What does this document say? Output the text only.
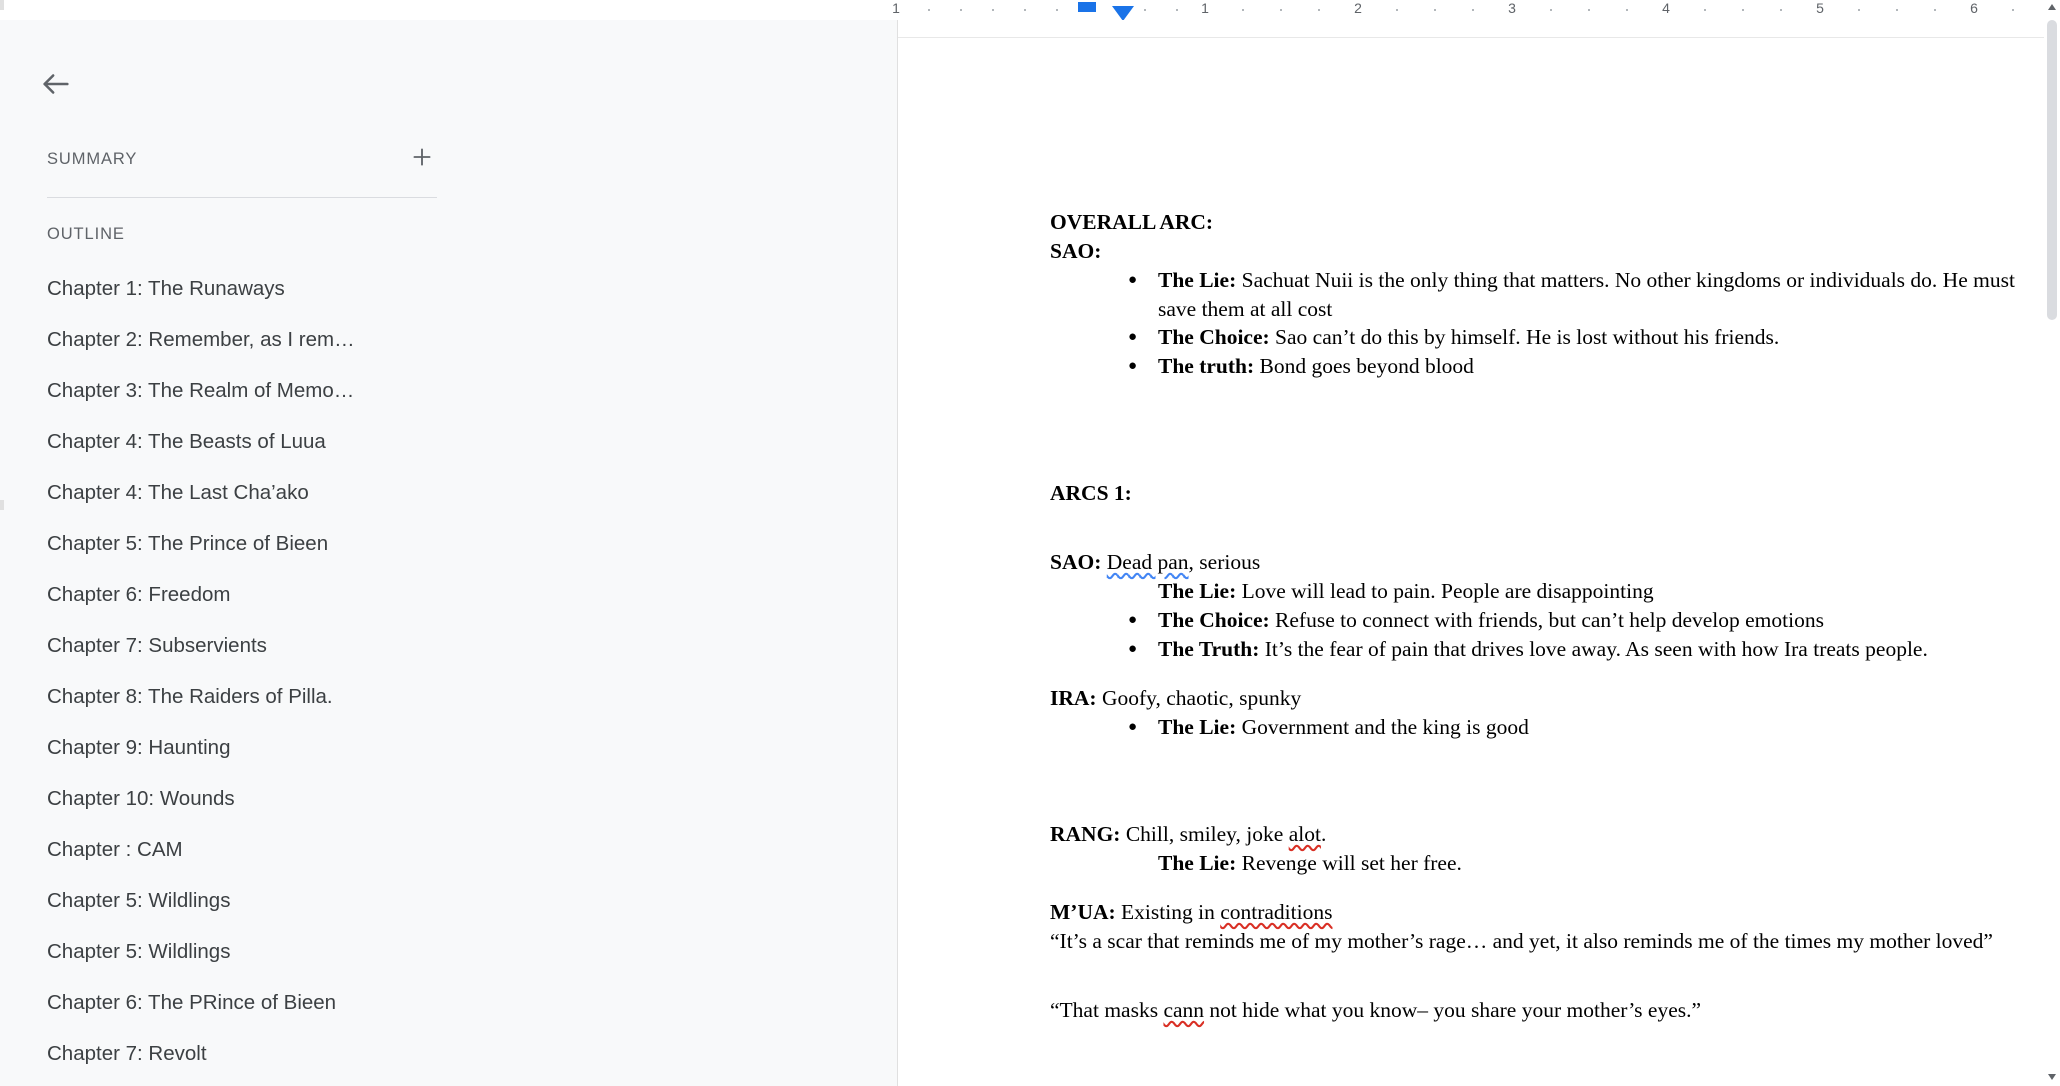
1	1	2	3	4	5	6
SUMMARY
OUTLINE
Chapter 1: The Runaways
Chapter 2: Remember, as I rem…
Chapter 3: The Realm of Memo…
Chapter 4: The Beasts of Luua
Chapter 4: The Last Cha’ako
Chapter 5: The Prince of Bieen
Chapter 6: Freedom
Chapter 7: Subservients
Chapter 8: The Raiders of Pilla.
Chapter 9: Haunting
Chapter 10: Wounds
Chapter : CAM
Chapter 5: Wildlings
Chapter 5: Wildlings
Chapter 6: The PRince of Bieen
Chapter 7: Revolt

OVERALL ARC:

SAO:

● The Lie: Sachuat Nuii is the only thing that matters. No other kingdoms or individuals do. He must save them at all cost
● The Choice: Sao can’t do this by himself. He is lost without his friends.
● The truth: Bond goes beyond blood

ARCS 1:

SAO: Dead pan, serious

The Lie: Love will lead to pain. People are disappointing
● The Choice: Refuse to connect with friends, but can’t help develop emotions
● The Truth: It’s the fear of pain that drives love away. As seen with how Ira treats people.

IRA: Goofy, chaotic, spunky

● The Lie: Government and the king is good

RANG: Chill, smiley, joke alot.

The Lie: Revenge will set her free.

M’UA: Existing in contraditions

“It’s a scar that reminds me of my mother’s rage… and yet, it also reminds me of the times my mother loved”

“That masks cann not hide what you know– you share your mother’s eyes.”
